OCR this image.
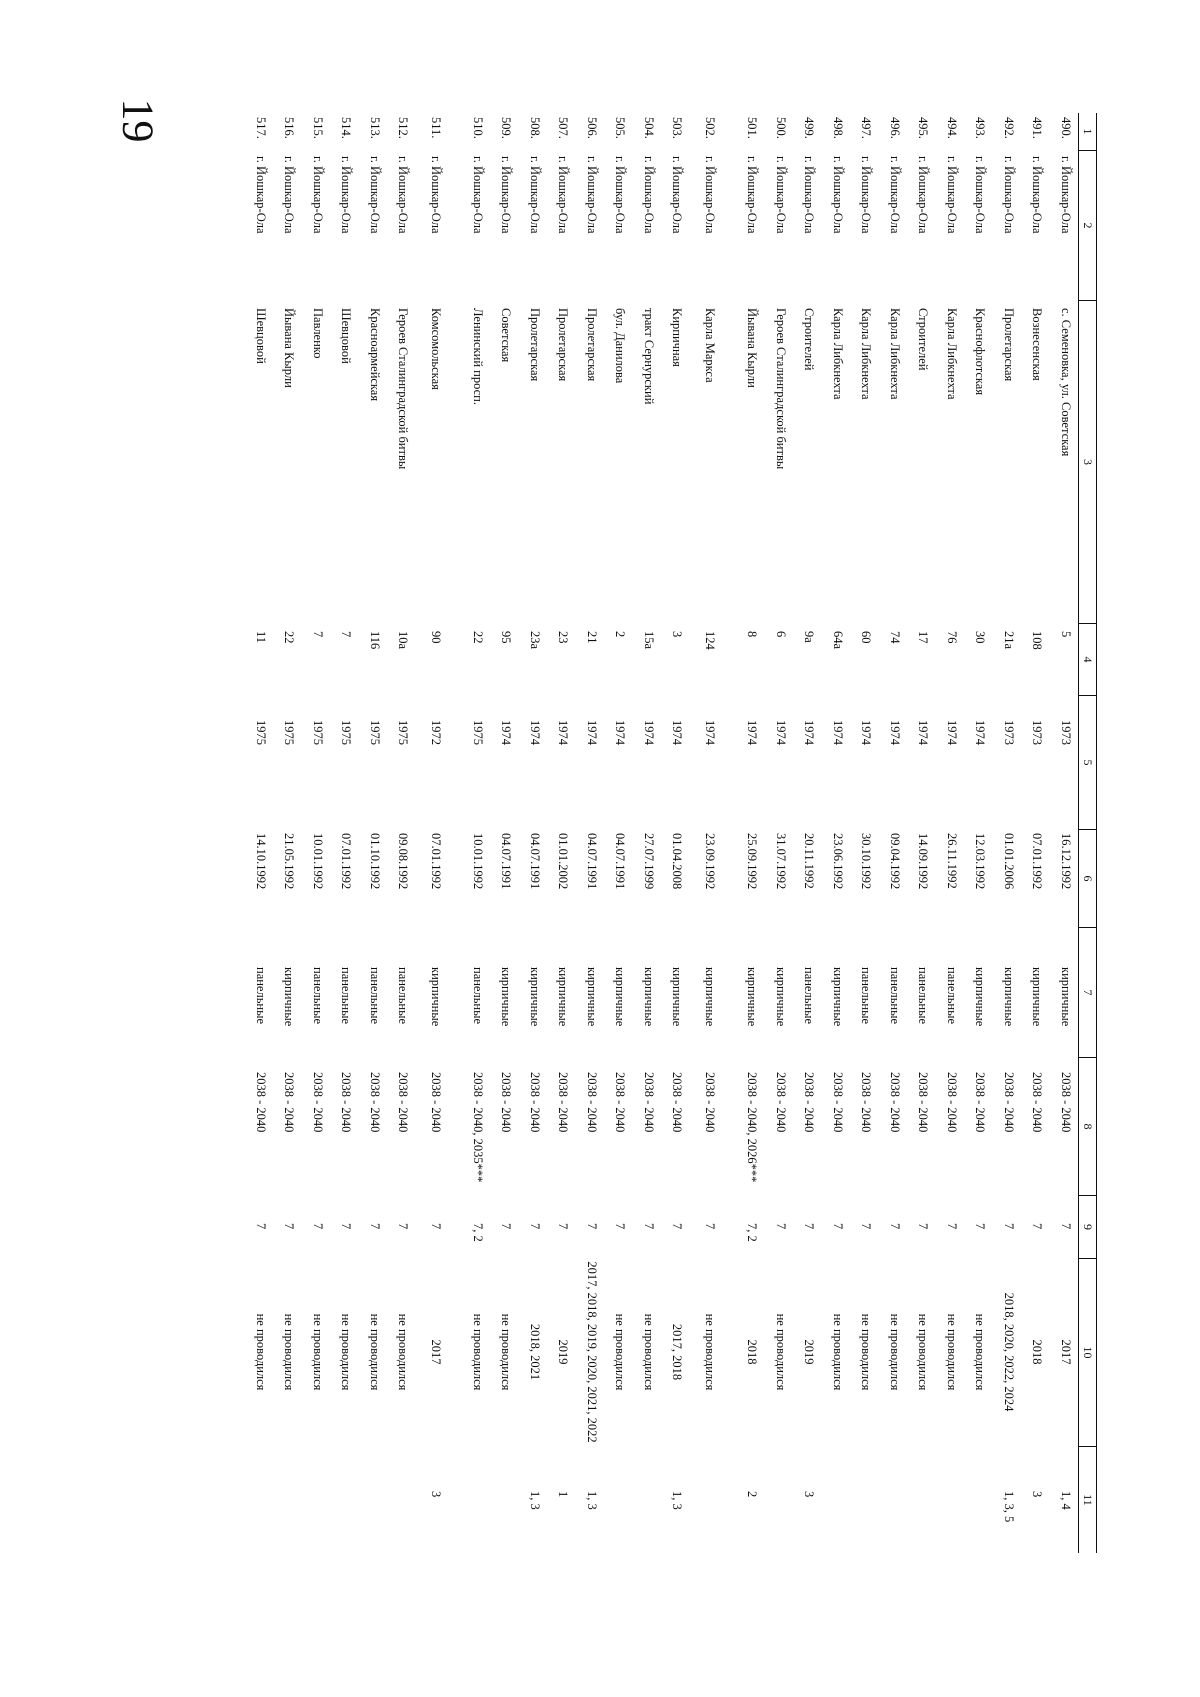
19	1
2
3
4
5
6
7
8
9
10
11
490.
г. Йошкар-Ола
с. Семеновка, ул. Советская
5
1973
16.12.1992
кирпичные
2038 - 2040
7
2017
1, 4
491.
г. Йошкар-Ола
Вознесенская
108
1973
07.01.1992
кирпичные
2038 - 2040
7
2018
3
492.
г. Йошкар-Ола
Пролетарская
21а
1973
01.01.2006
кирпичные
2038 - 2040
7
2018, 2020, 2022, 2024
1, 3, 5
493.
г. Йошкар-Ола
Краснофлотская
30
1974
12.03.1992
кирпичные
2038 - 2040
7
не проводился
494.
г. Йошкар-Ола
Карла Либкнехта
76
1974
26.11.1992
панельные
2038 - 2040
7
не проводился
495.
г. Йошкар-Ола
Строителей
17
1974
14.09.1992
панельные
2038 - 2040
7
не проводился
496.
г. Йошкар-Ола
Карла Либкнехта
74
1974
09.04.1992
панельные
2038 - 2040
7
не проводился
497.
г. Йошкар-Ола
Карла Либкнехта
60
1974
30.10.1992
панельные
2038 - 2040
7
не проводился
498.
г. Йошкар-Ола
Карла Либкнехта
64а
1974
23.06.1992
кирпичные
2038 - 2040
7
не проводился
499.
г. Йошкар-Ола
Строителей
9а
1974
20.11.1992
панельные
2038 - 2040
7
2019
3
500.
г. Йошкар-Ола
Героев Сталинградской битвы
6
1974
31.07.1992
кирпичные
2038 - 2040
7
не проводился
501.
г. Йошкар-Ола
Йывана Кырли
8
1974
25.09.1992
кирпичные
2038 - 2040, 2026***
7, 2
2018
2
502.
г. Йошкар-Ола
Карла Маркса
124
1974
23.09.1992
кирпичные
2038 - 2040
7
не проводился
503.
г. Йошкар-Ола
Кирпичная
3
1974
01.04.2008
кирпичные
2038 - 2040
7
2017, 2018
1, 3
504.
г. Йошкар-Ола
тракт Сернурский
15а
1974
27.07.1999
кирпичные
2038 - 2040
7
не проводился
505.
г. Йошкар-Ола
бул. Данилова
2
1974
04.07.1991
кирпичные
2038 - 2040
7
не проводился
506.
г. Йошкар-Ола
Пролетарская
21
1974
04.07.1991
кирпичные
2038 - 2040
7
2017, 2018, 2019, 2020, 2021, 2022
1, 3
507.
г. Йошкар-Ола
Пролетарская
23
1974
01.01.2002
кирпичные
2038 - 2040
7
2019
1
508.
г. Йошкар-Ола
Пролетарская
23а
1974
04.07.1991
кирпичные
2038 - 2040
7
2018, 2021
1, 3
509.
г. Йошкар-Ола
Советская
95
1974
04.07.1991
кирпичные
2038 - 2040
7
не проводился
510.
г. Йошкар-Ола
Ленинский просп.
22
1975
10.01.1992
панельные
2038 - 2040, 2035***
7, 2
не проводился
511.
г. Йошкар-Ола
Комсомольская
90
1972
07.01.1992
кирпичные
2038 - 2040
7
2017
3
512.
г. Йошкар-Ола
Героев Сталинградской битвы
10а
1975
09.08.1992
панельные
2038 - 2040
7
не проводился
513.
г. Йошкар-Ола
Красноармейская
116
1975
01.10.1992
панельные
2038 - 2040
7
не проводился
514.
г. Йошкар-Ола
Шевцовой
7
1975
07.01.1992
панельные
2038 - 2040
7
не проводился
515.
г. Йошкар-Ола
Павленко
7
1975
10.01.1992
панельные
2038 - 2040
7
не проводился
516.
г. Йошкар-Ола
Йывана Кырли
22
1975
21.05.1992
кирпичные
2038 - 2040
7
не проводился
517.
г. Йошкар-Ола
Шевцовой
11
1975
14.10.1992
панельные
2038 - 2040
7
не проводился
